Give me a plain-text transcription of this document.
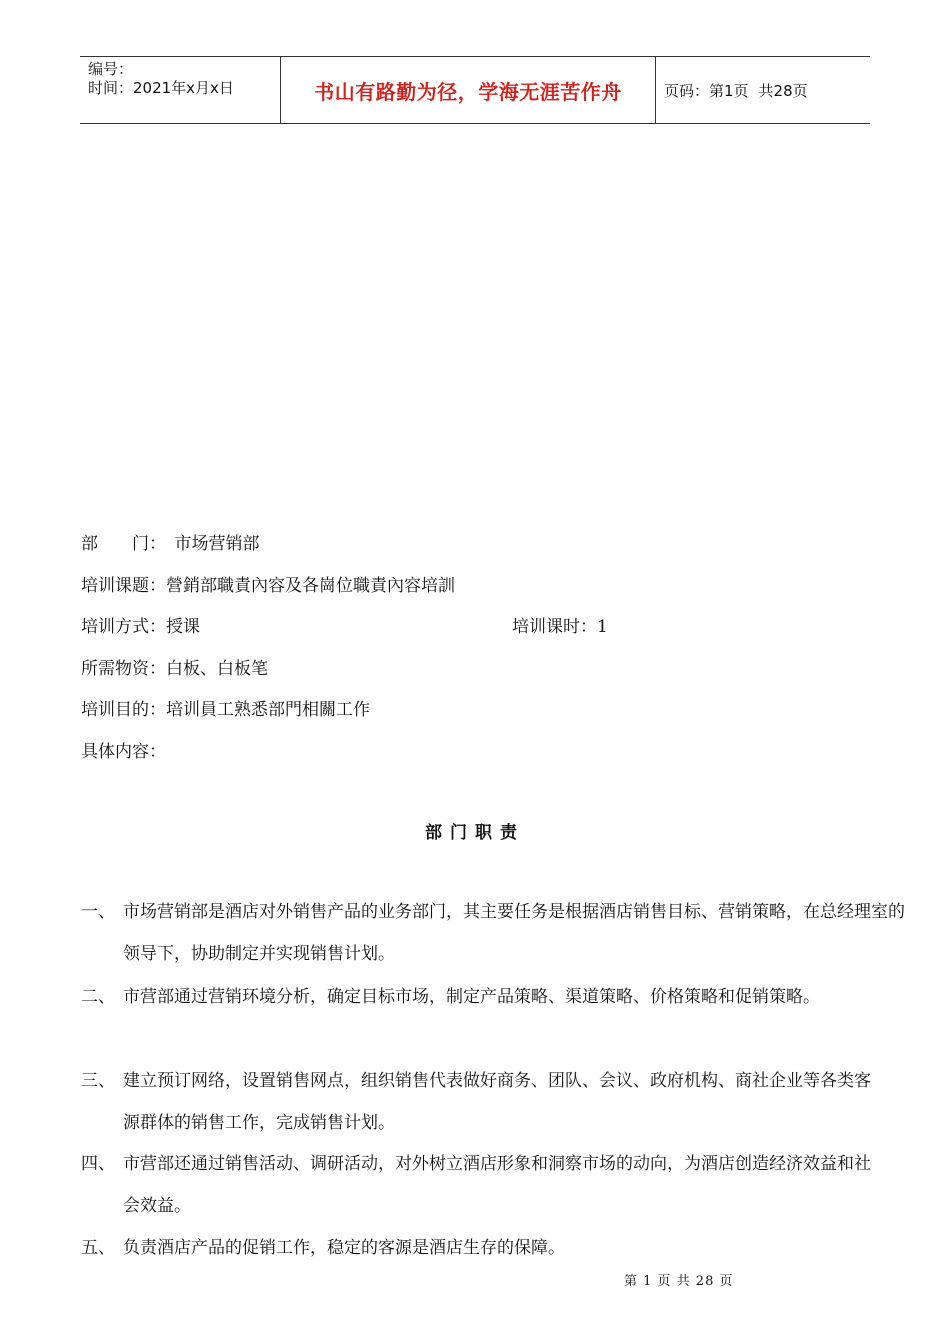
编号：
时间：2021年x月x日	书山有路勤为径，学海无涯苦作舟	页码：第1页 共28页
部　　门：　市场营销部
培训课题：營銷部職責內容及各崗位職責內容培訓
培训方式：授课	培训课时：1
所需物资：白板、白板笔
培训目的：培训員工熟悉部門相關工作
具体内容：
部门职责
一、 市场营销部是酒店对外销售产品的业务部门，其主要任务是根据酒店销售目标、营销策略，在总经理室的领导下，协助制定并实现销售计划。
二、 市营部通过营销环境分析，确定目标市场，制定产品策略、渠道策略、价格策略和促销策略。
三、 建立预订网络，设置销售网点，组织销售代表做好商务、团队、会议、政府机构、商社企业等各类客源群体的销售工作，完成销售计划。
四、 市营部还通过销售活动、调研活动，对外树立酒店形象和洞察市场的动向，为酒店创造经济效益和社会效益。
五、 负责酒店产品的促销工作，稳定的客源是酒店生存的保障。
第 1 页 共 28 页
